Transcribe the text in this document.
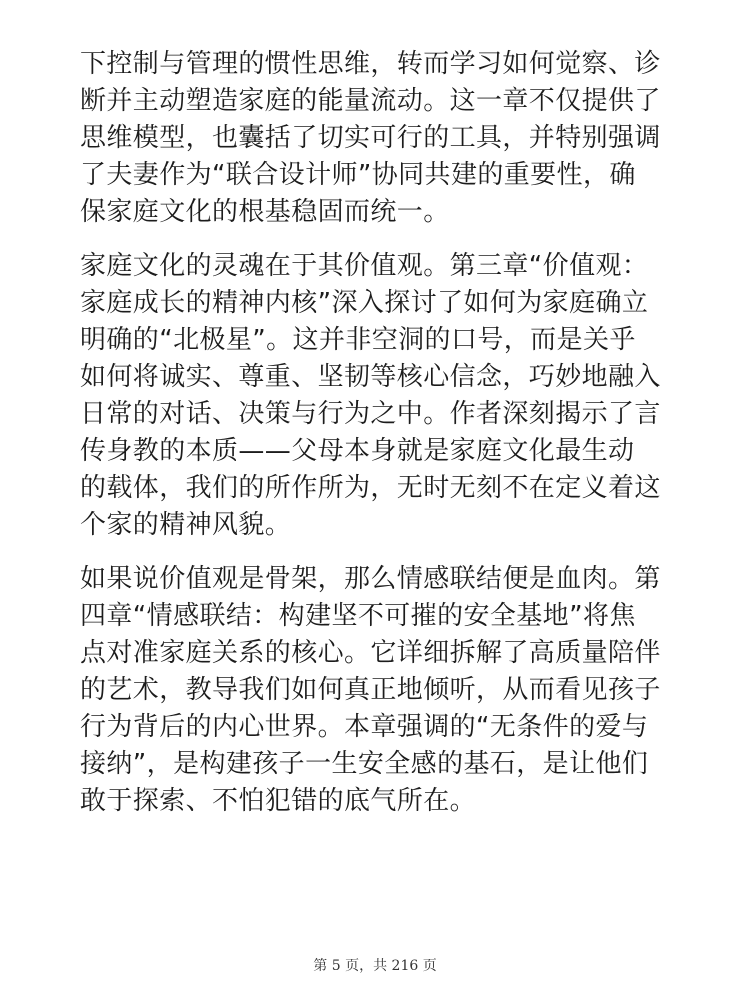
下控制与管理的惯性思维，转而学习如何觉察、诊
断并主动塑造家庭的能量流动。这一章不仅提供了
思维模型，也囊括了切实可行的工具，并特别强调
了夫妻作为“联合设计师”协同共建的重要性，确
保家庭文化的根基稳固而统一。

家庭文化的灵魂在于其价值观。第三章“价值观：
家庭成长的精神内核”深入探讨了如何为家庭确立
明确的“北极星”。这并非空洞的口号，而是关乎
如何将诚实、尊重、坚韧等核心信念，巧妙地融入
日常的对话、决策与行为之中。作者深刻揭示了言
传身教的本质——父母本身就是家庭文化最生动
的载体，我们的所作所为，无时无刻不在定义着这
个家的精神风貌。

如果说价值观是骨架，那么情感联结便是血肉。第
四章“情感联结：构建坚不可摧的安全基地”将焦
点对准家庭关系的核心。它详细拆解了高质量陪伴
的艺术，教导我们如何真正地倾听，从而看见孩子
行为背后的内心世界。本章强调的“无条件的爱与
接纳”，是构建孩子一生安全感的基石，是让他们
敢于探索、不怕犯错的底气所在。

第 5 页，共 216 页
